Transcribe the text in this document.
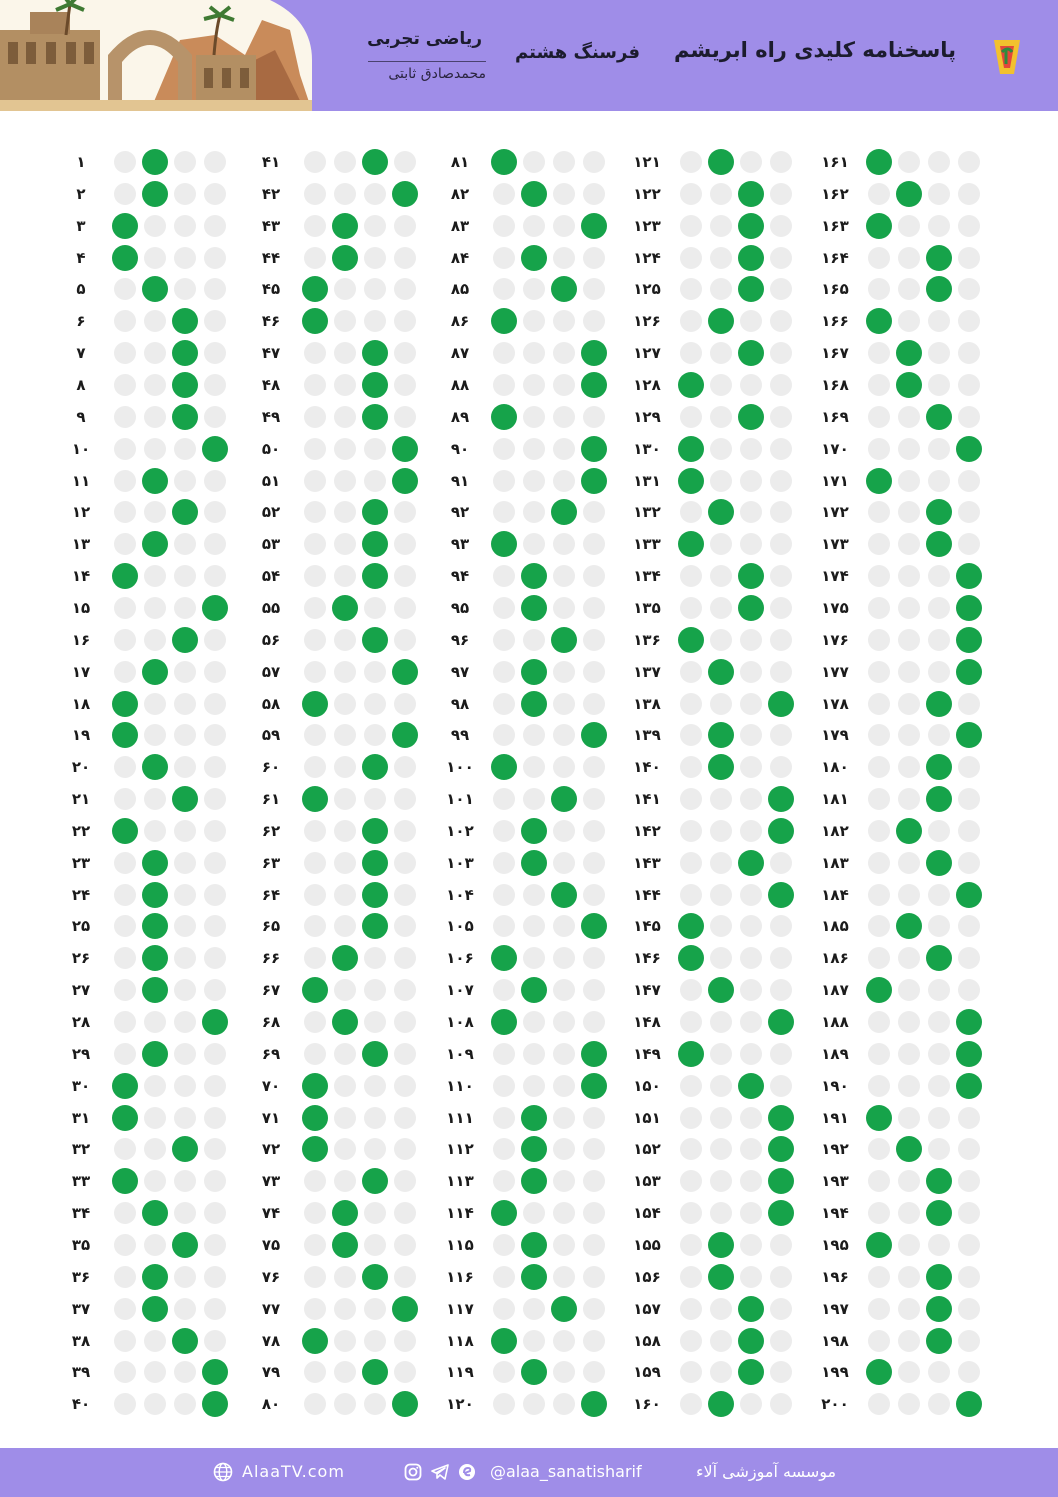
ریاضی تجربی
محمدصادق ثابتی
فرسنگ هشتم پاسخنامه کلیدی راه ابریشم
۱
۲
۳
۴
۵
۶
۷
۸
۹
۱۰
۱۱
۱۲
۱۳
۱۴
۱۵
۱۶
۱۷
۱۸
۱۹
۲۰
۲۱
۲۲
۲۳
۲۴
۲۵
۲۶
۲۷
۲۸
۲۹
۳۰
۳۱
۳۲
۳۳
۳۴
۳۵
۳۶
۳۷
۳۸
۳۹
۴۰
۴۱
۴۲
۴۳
۴۴
۴۵
۴۶
۴۷
۴۸
۴۹
۵۰
۵۱
۵۲
۵۳
۵۴
۵۵
۵۶
۵۷
۵۸
۵۹
۶۰
۶۱
۶۲
۶۳
۶۴
۶۵
۶۶
۶۷
۶۸
۶۹
۷۰
۷۱
۷۲
۷۳
۷۴
۷۵
۷۶
۷۷
۷۸
۷۹
۸۰
۸۱
۸۲
۸۳
۸۴
۸۵
۸۶
۸۷
۸۸
۸۹
۹۰
۹۱
۹۲
۹۳
۹۴
۹۵
۹۶
۹۷
۹۸
۹۹
۱۰۰
۱۰۱
۱۰۲
۱۰۳
۱۰۴
۱۰۵
۱۰۶
۱۰۷
۱۰۸
۱۰۹
۱۱۰
۱۱۱
۱۱۲
۱۱۳
۱۱۴
۱۱۵
۱۱۶
۱۱۷
۱۱۸
۱۱۹
۱۲۰
۱۲۱
۱۲۲
۱۲۳
۱۲۴
۱۲۵
۱۲۶
۱۲۷
۱۲۸
۱۲۹
۱۳۰
۱۳۱
۱۳۲
۱۳۳
۱۳۴
۱۳۵
۱۳۶
۱۳۷
۱۳۸
۱۳۹
۱۴۰
۱۴۱
۱۴۲
۱۴۳
۱۴۴
۱۴۵
۱۴۶
۱۴۷
۱۴۸
۱۴۹
۱۵۰
۱۵۱
۱۵۲
۱۵۳
۱۵۴
۱۵۵
۱۵۶
۱۵۷
۱۵۸
۱۵۹
۱۶۰
۱۶۱
۱۶۲
۱۶۳
۱۶۴
۱۶۵
۱۶۶
۱۶۷
۱۶۸
۱۶۹
۱۷۰
۱۷۱
۱۷۲
۱۷۳
۱۷۴
۱۷۵
۱۷۶
۱۷۷
۱۷۸
۱۷۹
۱۸۰
۱۸۱
۱۸۲
۱۸۳
۱۸۴
۱۸۵
۱۸۶
۱۸۷
۱۸۸
۱۸۹
۱۹۰
۱۹۱
۱۹۲
۱۹۳
۱۹۴
۱۹۵
۱۹۶
۱۹۷
۱۹۸
۱۹۹
۲۰۰
موسسه آموزشی آلاء
@alaa_sanatisharif
AlaaTV.com
